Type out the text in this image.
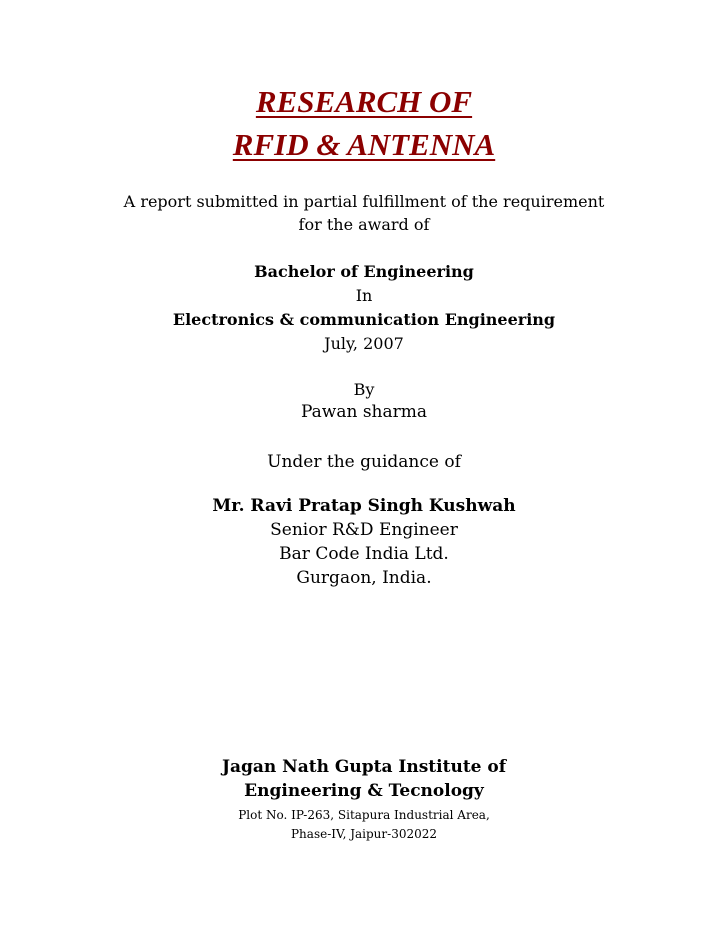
RESEARCH OF
RFID & ANTENNA
A report submitted in partial fulfillment of the requirement
for the award of
Bachelor of Engineering
In
Electronics & communication Engineering
July, 2007
By
Pawan sharma
Under the guidance of
Mr. Ravi Pratap Singh Kushwah
Senior R&D Engineer
Bar Code India Ltd.
Gurgaon, India.
Jagan Nath Gupta Institute of
Engineering & Tecnology
Plot No. IP-263, Sitapura Industrial Area,
Phase-IV, Jaipur-302022
